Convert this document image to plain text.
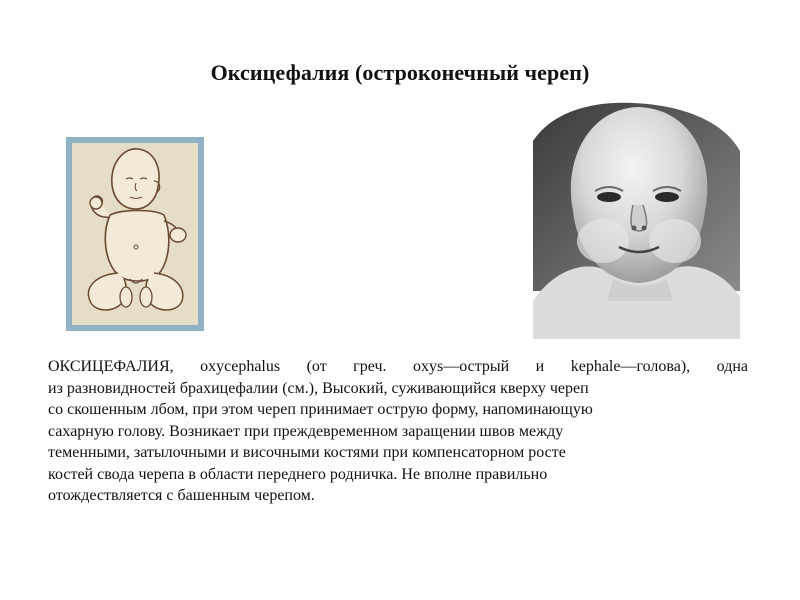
Оксицефалия (остроконечный череп)
ОКСИЦЕФАЛИЯ, oxycephalus (от греч. oxys—острый и kephale—голова), одна
из разновидностей брахицефалии (см.), Высокий, суживающийся кверху череп
со скошенным лбом, при этом череп принимает острую форму, напоминающую
сахарную голову. Возникает при преждевременном заращении швов между
теменными, затылочными и височными костями при компенсаторном росте
костей свода черепа в области переднего родничка. Не вполне правильно
отождествляется с башенным черепом.
